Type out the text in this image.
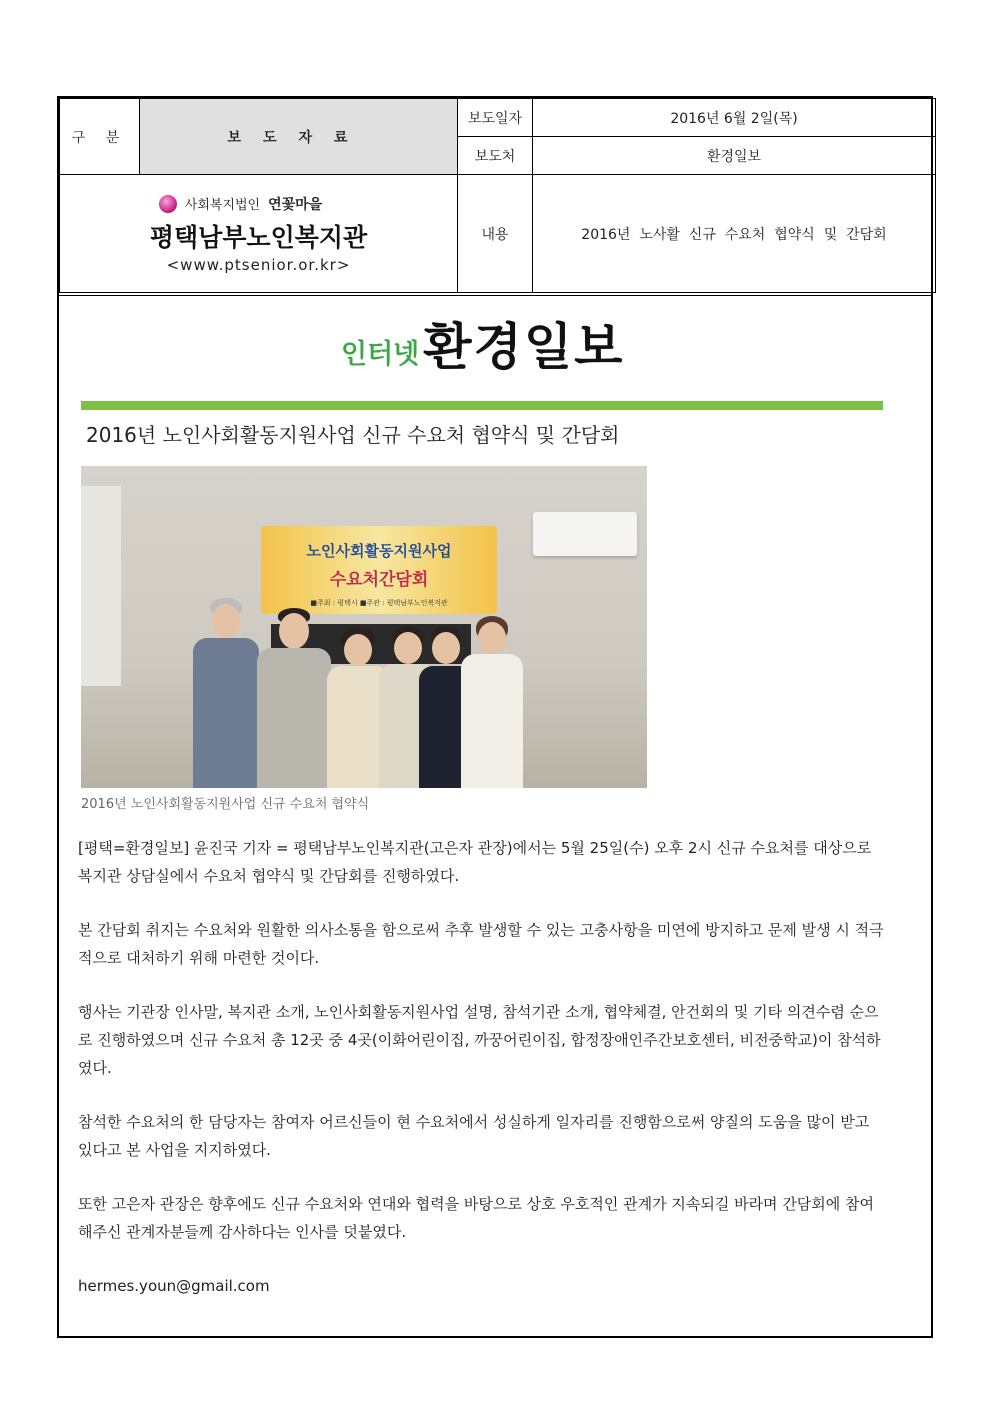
구 분	보도자료	보도일자	2016년 6월 2일(목)
		보도처	환경일보

사회복지법인 연꽃마을
평택남부노인복지관
<www.ptsenior.or.kr>		내용	2016년  노사활  신규  수요처  협약식  및  간담회
인터넷 환경일보
2016년 노인사회활동지원사업 신규 수요처 협약식 및 간담회
노인사회활동지원사업
수요처간담회
■주최 : 평택시 ■주관 : 평택남부노인복지관
2016년 노인사회활동지원사업 신규 수요처 협약식

[평택=환경일보] 윤진국 기자 = 평택남부노인복지관(고은자 관장)에서는 5월 25일(수) 오후 2시 신규 수요처를 대상으로 복지관 상담실에서 수요처 협약식 및 간담회를 진행하였다.

본 간담회 취지는 수요처와 원활한 의사소통을 함으로써 추후 발생할 수 있는 고충사항을 미연에 방지하고 문제 발생 시 적극적으로 대처하기 위해 마련한 것이다.

행사는 기관장 인사말, 복지관 소개, 노인사회활동지원사업 설명, 참석기관 소개, 협약체결, 안건회의 및 기타 의견수렴 순으로 진행하였으며 신규 수요처 총 12곳 중 4곳(이화어린이집, 까꿍어린이집, 합정장애인주간보호센터, 비전중학교)이 참석하였다.

참석한 수요처의 한 담당자는 참여자 어르신들이 현 수요처에서 성실하게 일자리를 진행함으로써 양질의 도움을 많이 받고 있다고 본 사업을 지지하였다.

또한 고은자 관장은 향후에도 신규 수요처와 연대와 협력을 바탕으로 상호 우호적인 관계가 지속되길 바라며 간담회에 참여해주신 관계자분들께 감사하다는 인사를 덧붙였다.

hermes.youn@gmail.com
